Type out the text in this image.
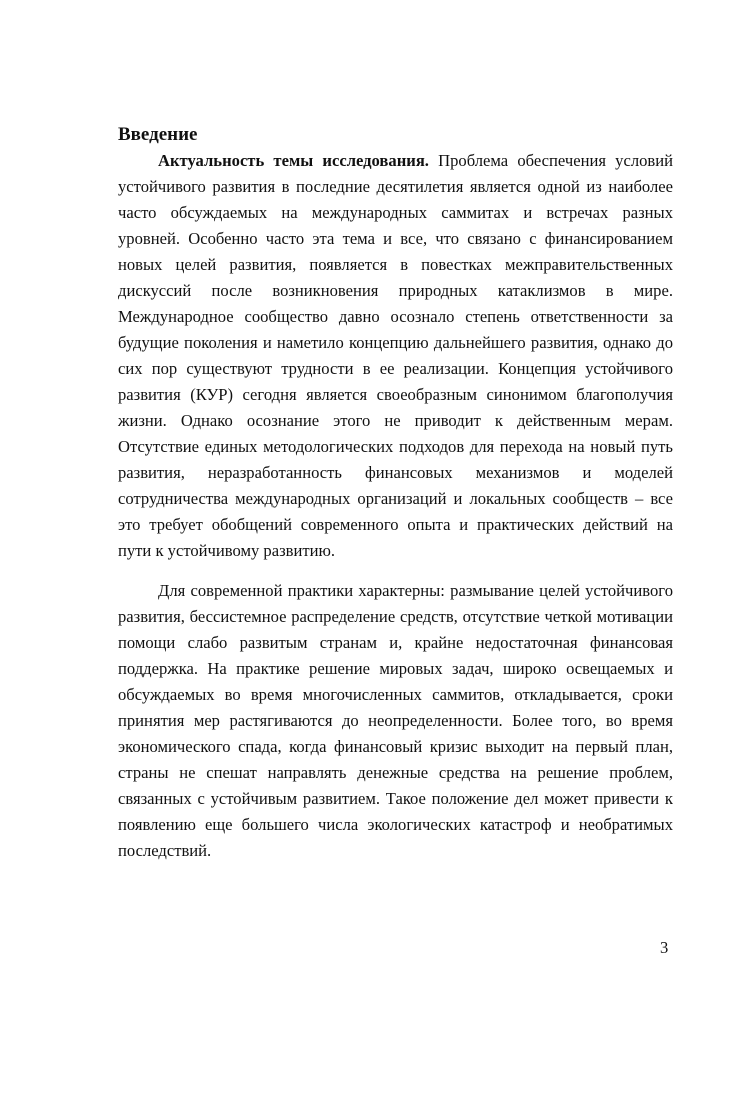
Введение
Актуальность темы исследования. Проблема обеспечения условий
устойчивого развития в последние десятилетия является одной из наиболее
часто обсуждаемых на международных саммитах и встречах разных
уровней. Особенно часто эта тема и все, что связано с финансированием
новых целей развития, появляется в повестках межправительственных
дискуссий после возникновения природных катаклизмов в мире.
Международное сообщество давно осознало степень ответственности за
будущие поколения и наметило концепцию дальнейшего развития, однако до
сих пор существуют трудности в ее реализации. Концепция устойчивого
развития (КУР) сегодня является своеобразным синонимом благополучия
жизни. Однако осознание этого не приводит к действенным мерам.
Отсутствие единых методологических подходов для перехода на новый путь
развития, неразработанность финансовых механизмов и моделей
сотрудничества международных организаций и локальных сообществ – все
это требует обобщений современного опыта и практических действий на
пути к устойчивому развитию.
Для современной практики характерны: размывание целей устойчивого
развития, бессистемное распределение средств, отсутствие четкой мотивации
помощи слабо развитым странам и, крайне недостаточная финансовая
поддержка. На практике решение мировых задач, широко освещаемых и
обсуждаемых во время многочисленных саммитов, откладывается, сроки
принятия мер растягиваются до неопределенности. Более того, во время
экономического спада, когда финансовый кризис выходит на первый план,
страны не спешат направлять денежные средства на решение проблем,
связанных с устойчивым развитием. Такое положение дел может привести к
появлению еще большего числа экологических катастроф и необратимых
последствий.
3
